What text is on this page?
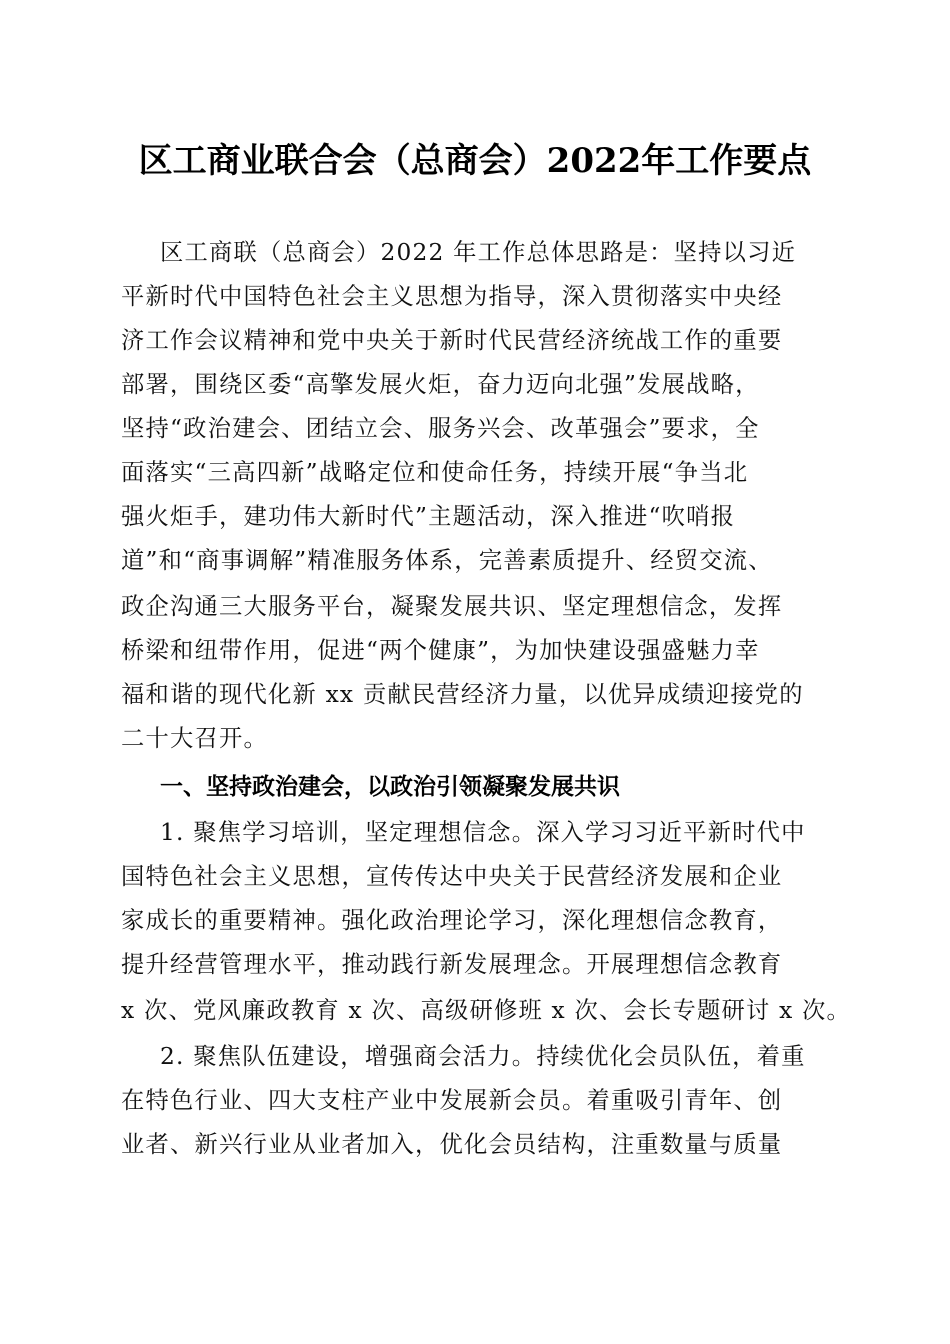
区工商业联合会（总商会）2022年工作要点
区工商联（总商会）2022 年工作总体思路是：坚持以习近
平新时代中国特色社会主义思想为指导，深入贯彻落实中央经
济工作会议精神和党中央关于新时代民营经济统战工作的重要
部署，围绕区委“高擎发展火炬，奋力迈向北强”发展战略，
坚持“政治建会、团结立会、服务兴会、改革强会”要求，全
面落实“三高四新”战略定位和使命任务，持续开展“争当北
强火炬手，建功伟大新时代”主题活动，深入推进“吹哨报
道”和“商事调解”精准服务体系，完善素质提升、经贸交流、
政企沟通三大服务平台，凝聚发展共识、坚定理想信念，发挥
桥梁和纽带作用，促进“两个健康”，为加快建设强盛魅力幸
福和谐的现代化新 xx 贡献民营经济力量，以优异成绩迎接党的
二十大召开。
一、坚持政治建会，以政治引领凝聚发展共识
1. 聚焦学习培训，坚定理想信念。深入学习习近平新时代中
国特色社会主义思想，宣传传达中央关于民营经济发展和企业
家成长的重要精神。强化政治理论学习，深化理想信念教育，
提升经营管理水平，推动践行新发展理念。开展理想信念教育
x 次、党风廉政教育 x 次、高级研修班 x 次、会长专题研讨 x 次。
2. 聚焦队伍建设，增强商会活力。持续优化会员队伍，着重
在特色行业、四大支柱产业中发展新会员。着重吸引青年、创
业者、新兴行业从业者加入，优化会员结构，注重数量与质量
